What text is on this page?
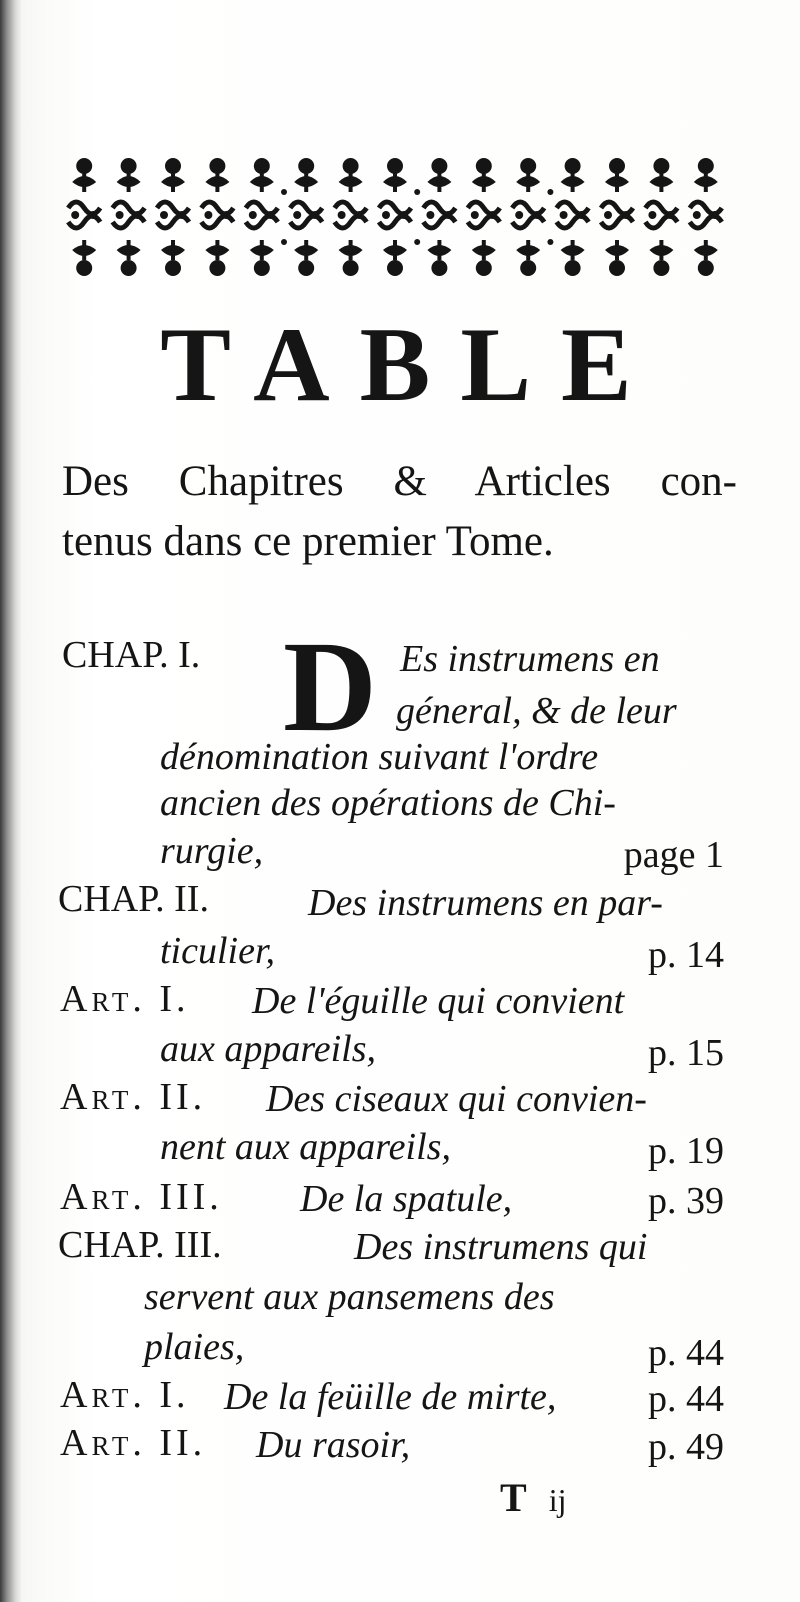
TABLE
Des Chapitres & Articles con-
tenus dans ce premier Tome.
CHAP. I. D Es instrumens en
géneral, & de leur
dénomination suivant l'ordre
ancien des opérations de Chi-
rurgie,	page 1
CHAP. II.	Des instrumens en par-
ticulier,	p. 14
Art. I. De l'éguille qui convient
aux appareils,	p. 15
Art. II. Des ciseaux qui convien-
nent aux appareils,	p. 19
Art. III. De la spatule,	p. 39
CHAP. III.	Des instrumens qui
servent aux pansemens des
plaies,	p. 44
Art. I. De la feüille de mirte, p. 44
Art. II. Du rasoir,	p. 49
T ij
